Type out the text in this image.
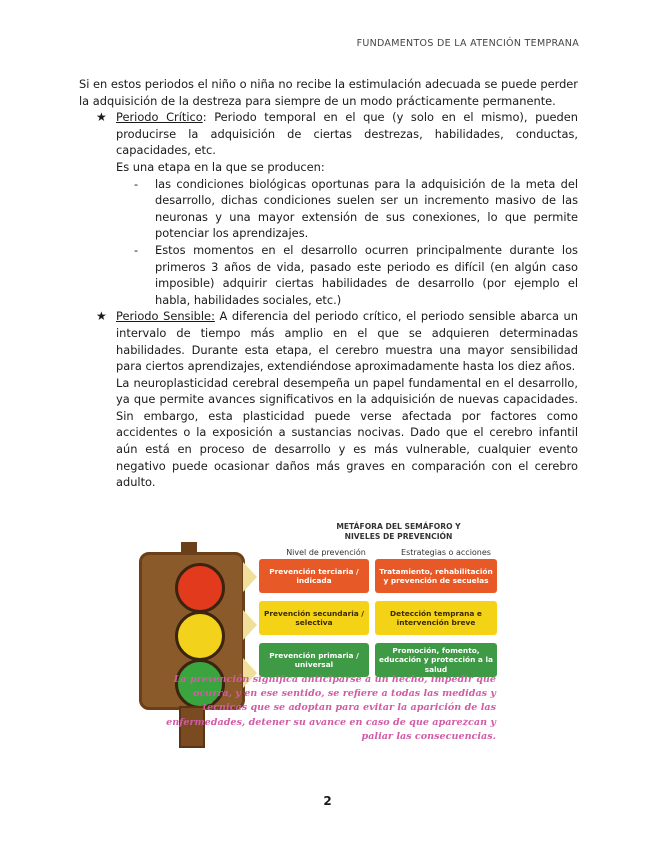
FUNDAMENTOS DE LA ATENCIÓN TEMPRANA

Si en estos periodos el niño o niña no recibe la estimulación adecuada se puede perder la adquisición de la destreza para siempre de un modo prácticamente permanente.

★ Periodo Crítico: Periodo temporal en el que (y solo en el mismo), pueden producirse la adquisición de ciertas destrezas, habilidades, conductas, capacidades, etc.

Es una etapa en la que se producen:

- las condiciones biológicas oportunas para la adquisición de la meta del desarrollo, dichas condiciones suelen ser un incremento masivo de las neuronas y una mayor extensión de sus conexiones, lo que permite potenciar los aprendizajes.
- Estos momentos en el desarrollo ocurren principalmente durante los primeros 3 años de vida, pasado este periodo es difícil (en algún caso imposible) adquirir ciertas habilidades de desarrollo (por ejemplo el habla, habilidades sociales, etc.)
★ Periodo Sensible: A diferencia del periodo crítico, el periodo sensible abarca un intervalo de tiempo más amplio en el que se adquieren determinadas habilidades. Durante esta etapa, el cerebro muestra una mayor sensibilidad para ciertos aprendizajes, extendiéndose aproximadamente hasta los diez años.

La neuroplasticidad cerebral desempeña un papel fundamental en el desarrollo, ya que permite avances significativos en la adquisición de nuevas capacidades. Sin embargo, esta plasticidad puede verse afectada por factores como accidentes o la exposición a sustancias nocivas. Dado que el cerebro infantil aún está en proceso de desarrollo y es más vulnerable, cualquier evento negativo puede ocasionar daños más graves en comparación con el cerebro adulto.

METÁFORA DEL SEMÁFORO Y
NIVELES DE PREVENCIÓN
Nivel de prevención	Estrategias o acciones
Prevención terciaria / indicada
Tratamiento, rehabilitación y prevención de secuelas
Prevención secundaria / selectiva
Detección temprana e intervención breve
Prevención primaria / universal
Promoción, fomento, educación y protección a la salud
La prevención significa anticiparse a un hecho, impedir que ocurra, y en ese sentido, se refiere a todas las medidas y técnicas que se adoptan para evitar la aparición de las enfermedades, detener su avance en caso de que aparezcan y paliar las consecuencias.
2
